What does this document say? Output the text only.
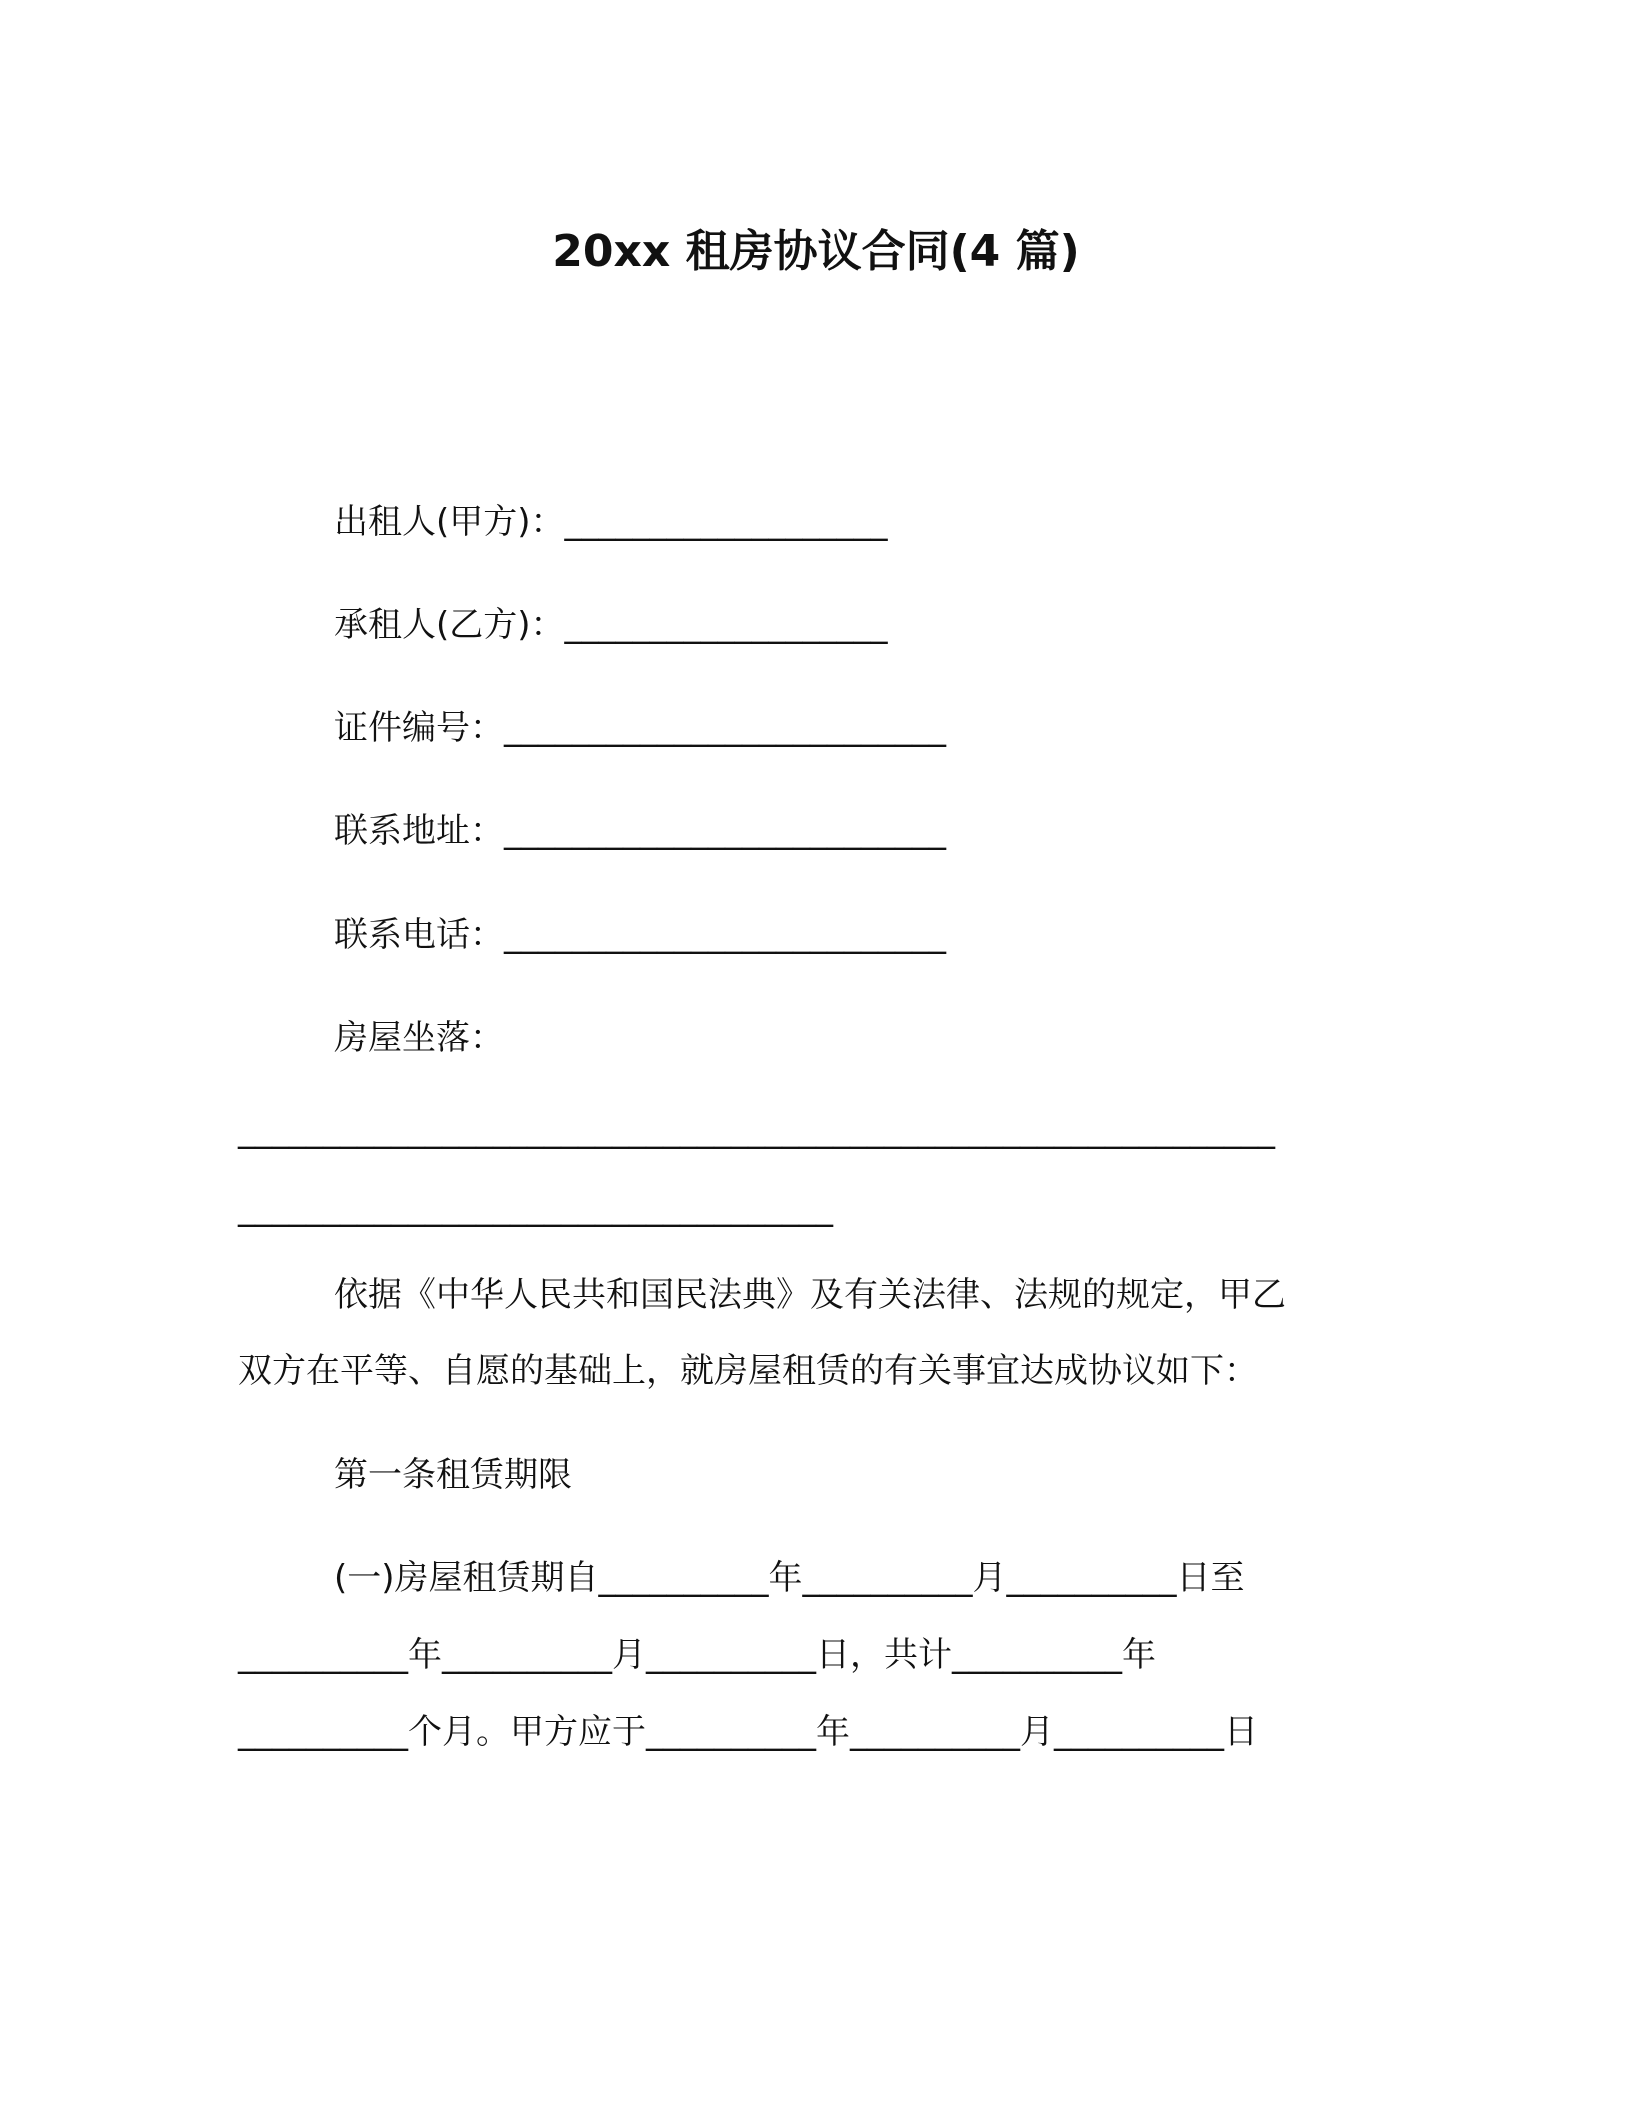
20xx 租房协议合同(4 篇)
出租人(甲方)：___________________
承租人(乙方)：___________________
证件编号：__________________________
联系地址：__________________________
联系电话：__________________________
房屋坐落：
_____________________________________________________________
___________________________________
依据《中华人民共和国民法典》及有关法律、法规的规定，甲乙
双方在平等、自愿的基础上，就房屋租赁的有关事宜达成协议如下：
第一条租赁期限
(一)房屋租赁期自__________年__________月__________日至
__________年__________月__________日，共计__________年
__________个月。甲方应于__________年__________月__________日
